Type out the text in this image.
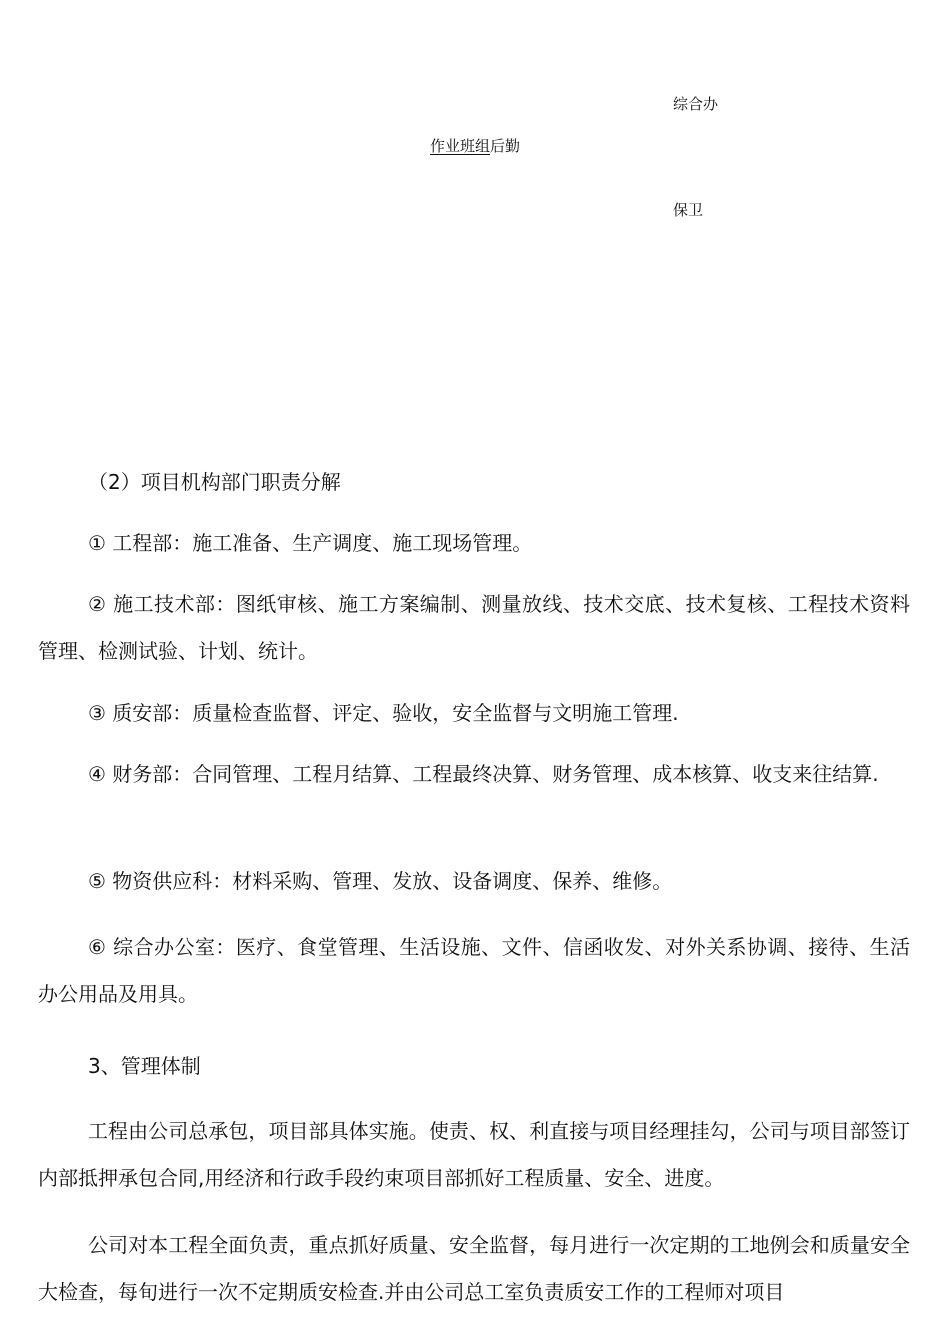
综合办
作业班组后勤
保卫
（2）项目机构部门职责分解
① 工程部：施工准备、生产调度、施工现场管理。
② 施工技术部：图纸审核、施工方案编制、测量放线、技术交底、技术复核、工程技术资料管理、检测试验、计划、统计。
③ 质安部：质量检查监督、评定、验收，安全监督与文明施工管理.
④ 财务部：合同管理、工程月结算、工程最终决算、财务管理、成本核算、收支来往结算.
⑤ 物资供应科：材料采购、管理、发放、设备调度、保养、维修。
⑥ 综合办公室：医疗、食堂管理、生活设施、文件、信函收发、对外关系协调、接待、生活办公用品及用具。
3、管理体制
工程由公司总承包，项目部具体实施。使责、权、利直接与项目经理挂勾，公司与项目部签订内部抵押承包合同,用经济和行政手段约束项目部抓好工程质量、安全、进度。
公司对本工程全面负责，重点抓好质量、安全监督，每月进行一次定期的工地例会和质量安全大检查，每旬进行一次不定期质安检查.并由公司总工室负责质安工作的工程师对项目
